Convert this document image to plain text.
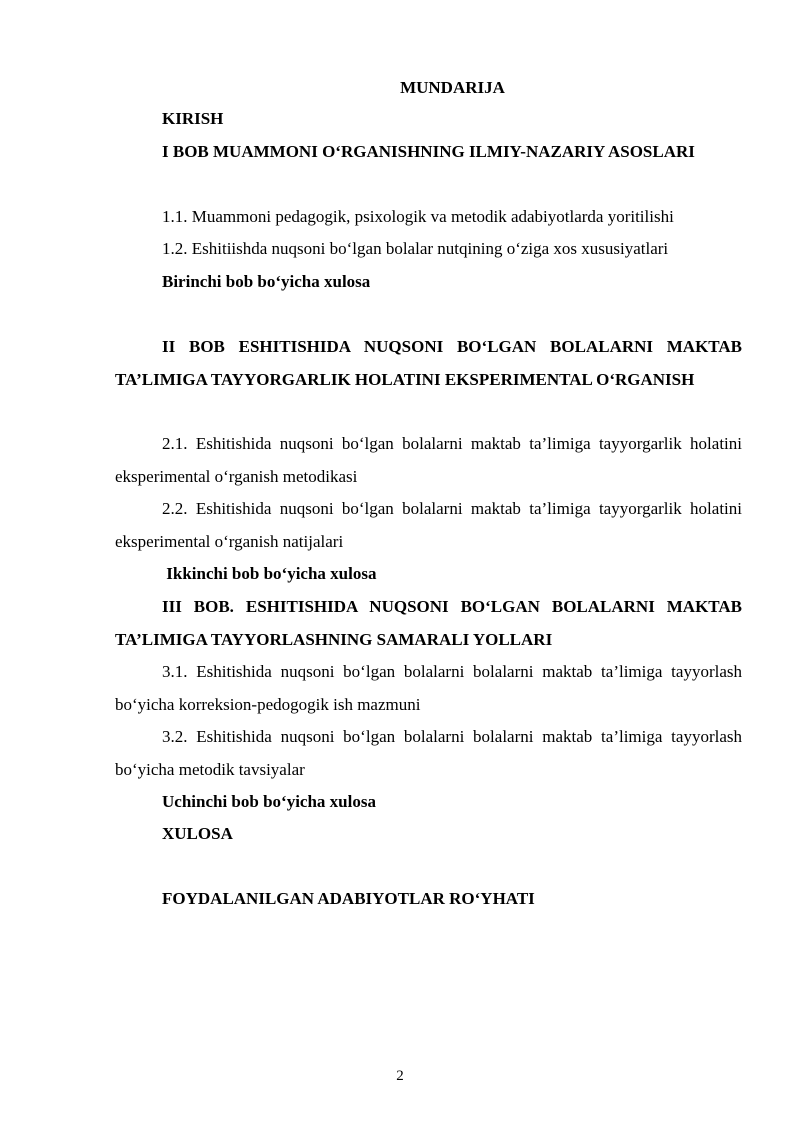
MUNDARIJA
KIRISH
I BOB MUAMMONI O‘RGANISHNING ILMIY-NAZARIY ASOSLARI
1.1. Muammoni pedagogik, psixologik va metodik adabiyotlarda yoritilishi
1.2. Eshitiishda nuqsoni bo‘lgan bolalar nutqining o‘ziga xos xususiyatlari
Birinchi bob bo‘yicha xulosa
II BOB ESHITISHIDA NUQSONI BO‘LGAN BOLALARNI MAKTAB TA’LIMIGA TAYYORGARLIK HOLATINI EKSPERIMENTAL O‘RGANISH
2.1. Eshitishida nuqsoni bo‘lgan bolalarni maktab ta’limiga tayyorgarlik holatini eksperimental o‘rganish metodikasi
2.2. Eshitishida nuqsoni bo‘lgan bolalarni maktab ta’limiga tayyorgarlik holatini eksperimental o‘rganish natijalari
Ikkinchi bob bo‘yicha xulosa
III BOB. ESHITISHIDA NUQSONI BO‘LGAN BOLALARNI MAKTAB TA’LIMIGA TAYYORLASHNING SAMARALI YOLLARI
3.1. Eshitishida nuqsoni bo‘lgan bolalarni bolalarni maktab ta’limiga tayyorlash bo‘yicha korreksion-pedogogik ish mazmuni
3.2. Eshitishida nuqsoni bo‘lgan bolalarni bolalarni maktab ta’limiga tayyorlash bo‘yicha metodik tavsiyalar
Uchinchi bob bo‘yicha xulosa
XULOSA
FOYDALANILGAN ADABIYOTLAR RO‘YHATI
2
